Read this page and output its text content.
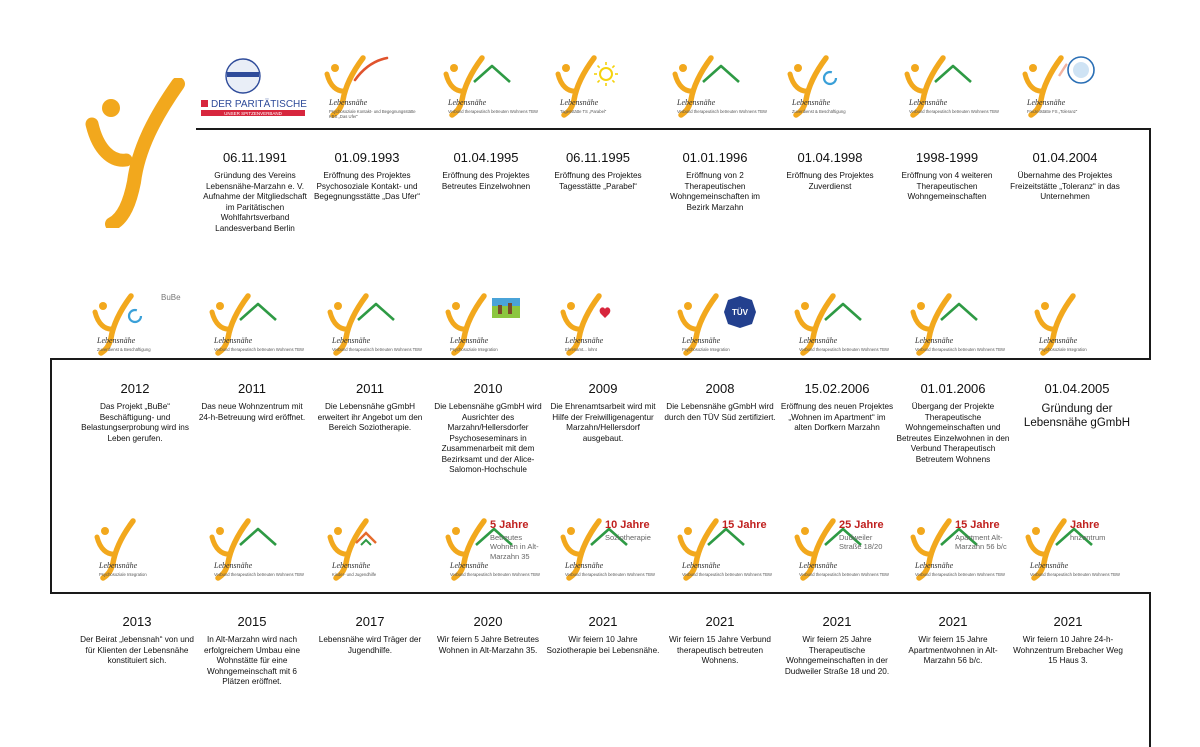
DER PARITÄTISCHE
UNSER SPITZENVERBAND
06.11.1991
Gründung des Vereins Lebensnähe-Marzahn e. V. Aufnahme der Mitgliedschaft im Paritätischen Wohlfahrtsverband Landesverband Berlin
Lebensnähe
Psychosoziale Kontakt- und Begegnungsstätte KBS „Das Ufer“
01.09.1993
Eröffnung des Projektes Psychosoziale Kontakt- und Begegnungsstätte „Das Ufer“
Lebensnähe
Verbund therapeutisch betreuten Wohnens TBW
01.04.1995
Eröffnung des Projektes Betreutes Einzelwohnen
Lebensnähe
Tagesstätte TS „Parabel“
06.11.1995
Eröffnung des Projektes Tagesstätte „Parabel“
Lebensnähe
Verbund therapeutisch betreuten Wohnens TBW
01.01.1996
Eröffnung von 2 Therapeutischen Wohngemeinschaften im Bezirk Marzahn
Lebensnähe
Zuverdienst & Beschäftigung
01.04.1998
Eröffnung des Projektes Zuverdienst
Lebensnähe
Verbund therapeutisch betreuten Wohnens TBW
1998-1999
Eröffnung von 4 weiteren Therapeutischen Wohngemeinschaften
Lebensnähe
Freizeitstätte FS „Toleranz“
01.04.2004
Übernahme des Projektes Freizeitstätte „Toleranz“ in das Unternehmen
Lebensnähe
Zuverdienst & Beschäftigung
2012
Das Projekt „BuBe“ Beschäftigung- und Belastungserprobung wird ins Leben gerufen.
Lebensnähe
Verbund therapeutisch betreuten Wohnens TBW
2011
Das neue Wohnzentrum mit 24-h-Betreuung wird eröffnet.
Lebensnähe
Verbund therapeutisch betreuten Wohnens TBW
2011
Die Lebensnähe gGmbH erweitert ihr Angebot um den Bereich Soziotherapie.
Lebensnähe
Psychosoziale Integration
2010
Die Lebensnähe gGmbH wird Ausrichter des Marzahn/Hellersdorfer Psychoseseminars in Zusammenarbeit mit dem Bezirksamt und der Alice-Salomon-Hochschule
Lebensnähe
Ehrenamt... lohnt
2009
Die Ehrenamtsarbeit wird mit Hilfe der Freiwilligenagentur Marzahn/Hellersdorf ausgebaut.
TÜV
Lebensnähe
Psychosoziale Integration
2008
Die Lebensnähe gGmbH wird durch den TÜV Süd zertifiziert.
Lebensnähe
Verbund therapeutisch betreuten Wohnens TBW
15.02.2006
Eröffnung des neuen Projektes „Wohnen im Apartment“ im alten Dorfkern Marzahn
Lebensnähe
Verbund therapeutisch betreuten Wohnens TBW
01.01.2006
Übergang der Projekte Therapeutische Wohngemeinschaften und Betreutes Einzelwohnen in den Verbund Therapeutisch Betreutem Wohnens
Lebensnähe
Psychosoziale Integration
01.04.2005
Gründung der Lebensnähe gGmbH
Lebensnähe
Psychosoziale Integration
2013
Der Beirat „lebensnah“ von und für Klienten der Lebensnähe konstituiert sich.
Lebensnähe
Verbund therapeutisch betreuten Wohnens TBW
2015
In Alt-Marzahn wird nach erfolgreichem Umbau eine Wohnstätte für eine Wohngemeinschaft mit 6 Plätzen eröffnet.
Lebensnähe
Kinder- und Jugendhilfe
2017
Lebensnähe wird Träger der Jugendhilfe.
Lebensnähe
Verbund therapeutisch betreuten Wohnens TBW
5 Jahre
Betreutes Wohnen in Alt-Marzahn 35
2020
Wir feiern 5 Jahre Betreutes Wohnen in Alt-Marzahn 35.
Lebensnähe
Verbund therapeutisch betreuten Wohnens TBW
10 Jahre
Soziotherapie
2021
Wir feiern 10 Jahre Soziotherapie bei Lebensnähe.
Lebensnähe
Verbund therapeutisch betreuten Wohnens TBW
15 Jahre
2021
Wir feiern 15 Jahre Verbund therapeutisch betreuten Wohnens.
Lebensnähe
Verbund therapeutisch betreuten Wohnens TBW
25 Jahre
Dudweiler Straße 18/20
2021
Wir feiern 25 Jahre Therapeutische Wohngemeinschaften in der Dudweiler Straße 18 und 20.
Lebensnähe
Verbund therapeutisch betreuten Wohnens TBW
15 Jahre
Apartment Alt-Marzahn 56 b/c
2021
Wir feiern 15 Jahre Apartmentwohnen in Alt-Marzahn 56 b/c.
Lebensnähe
Verbund therapeutisch betreuten Wohnens TBW
Jahre
hnzentrum
2021
Wir feiern 10 Jahre 24-h-Wohnzentrum Brebacher Weg 15 Haus 3.
BuBe
